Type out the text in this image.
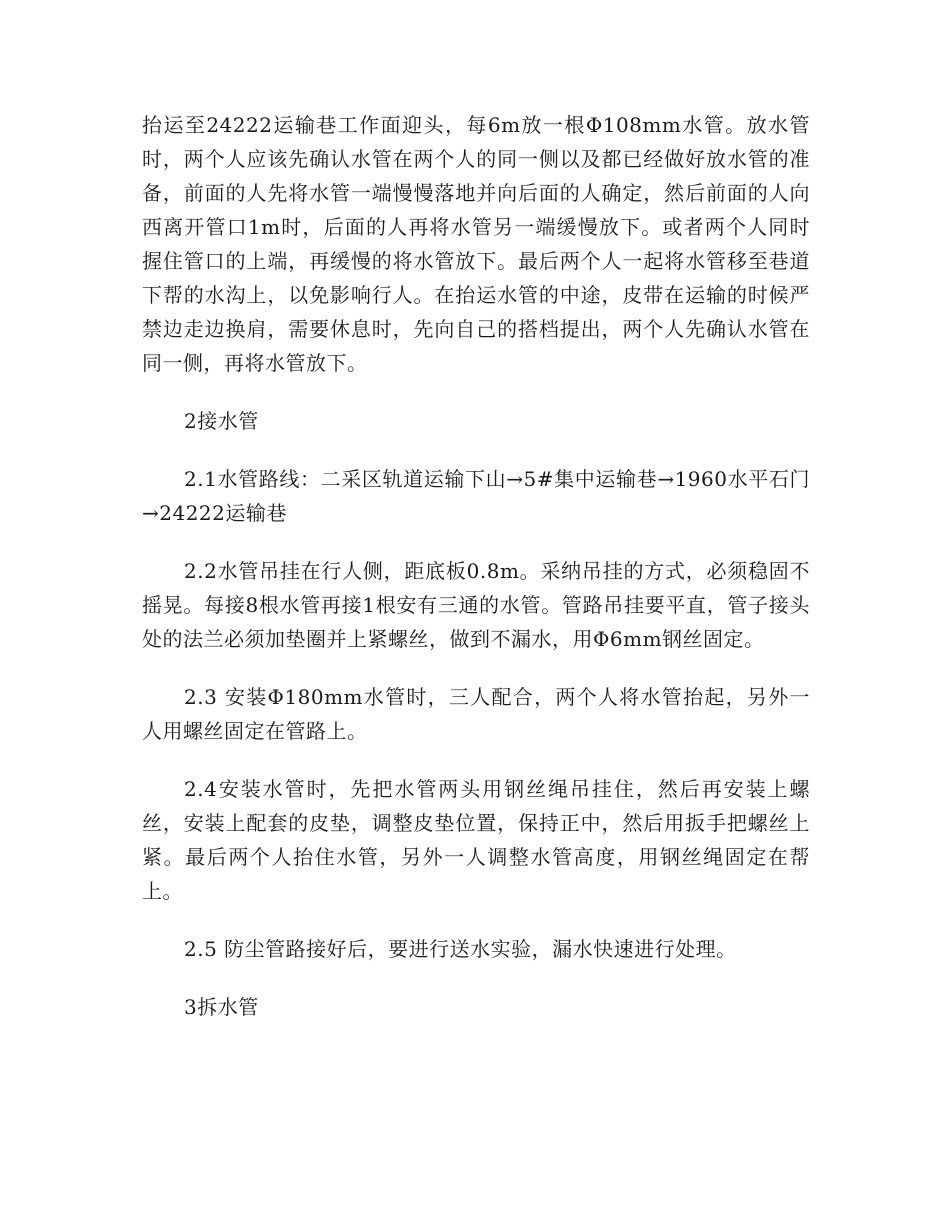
抬运至24222运输巷工作面迎头，每6m放一根Φ108mm水管。放水管时，两个人应该先确认水管在两个人的同一侧以及都已经做好放水管的准备，前面的人先将水管一端慢慢落地并向后面的人确定，然后前面的人向西离开管口1m时，后面的人再将水管另一端缓慢放下。或者两个人同时握住管口的上端，再缓慢的将水管放下。最后两个人一起将水管移至巷道下帮的水沟上，以免影响行人。在抬运水管的中途，皮带在运输的时候严禁边走边换肩，需要休息时，先向自己的搭档提出，两个人先确认水管在同一侧，再将水管放下。

2接水管

2.1水管路线：二采区轨道运输下山→5#集中运输巷→1960水平石门→24222运输巷

2.2水管吊挂在行人侧，距底板0.8m。采纳吊挂的方式，必须稳固不摇晃。每接8根水管再接1根安有三通的水管。管路吊挂要平直，管子接头处的法兰必须加垫圈并上紧螺丝，做到不漏水，用Φ6mm钢丝固定。

2.3 安装Φ180mm水管时，三人配合，两个人将水管抬起，另外一人用螺丝固定在管路上。

2.4安装水管时，先把水管两头用钢丝绳吊挂住，然后再安装上螺丝，安装上配套的皮垫，调整皮垫位置，保持正中，然后用扳手把螺丝上紧。最后两个人抬住水管，另外一人调整水管高度，用钢丝绳固定在帮上。

2.5 防尘管路接好后，要进行送水实验，漏水快速进行处理。

3拆水管
